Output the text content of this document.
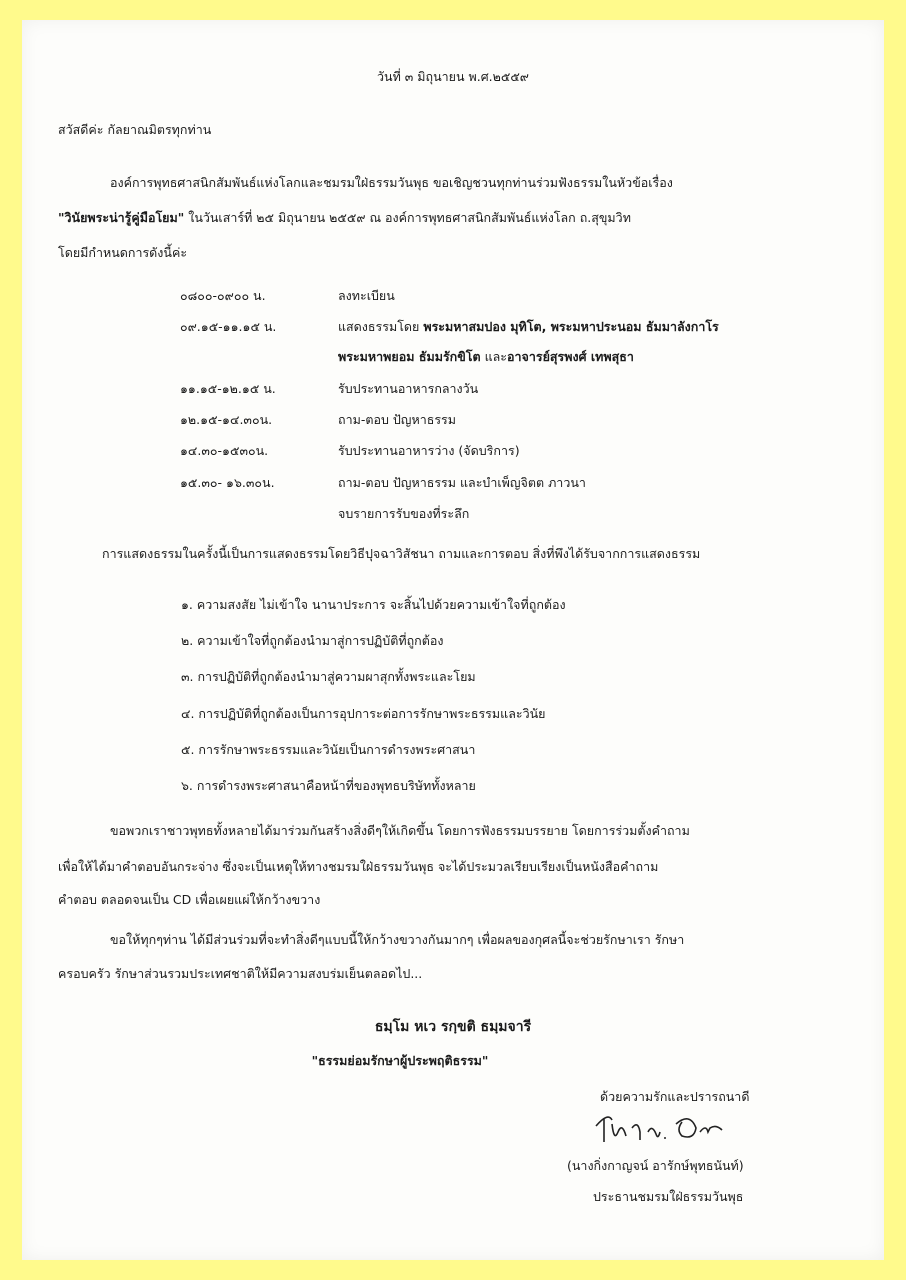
วันที่ ๓ มิถุนายน พ.ศ.๒๕๕๙
สวัสดีค่ะ กัลยาณมิตรทุกท่าน
องค์การพุทธศาสนิกสัมพันธ์แห่งโลกและชมรมใฝ่ธรรมวันพุธ ขอเชิญชวนทุกท่านร่วมฟังธรรมในหัวข้อเรื่อง
"วินัยพระน่ารู้คู่มือโยม" ในวันเสาร์ที่ ๒๕ มิถุนายน ๒๕๕๙ ณ องค์การพุทธศาสนิกสัมพันธ์แห่งโลก ถ.สุขุมวิท
โดยมีกำหนดการดังนี้ค่ะ
๐๘๐๐-๐๙๐๐ น.	ลงทะเบียน
๐๙.๑๕-๑๑.๑๕ น.	แสดงธรรมโดย พระมหาสมปอง มุทิโต, พระมหาประนอม ธัมมาลังกาโร
พระมหาพยอม ธัมมรักขิโต และอาจารย์สุรพงศ์ เทพสุธา
๑๑.๑๕-๑๒.๑๕ น.	รับประทานอาหารกลางวัน
๑๒.๑๕-๑๔.๓๐น.	ถาม-ตอบ ปัญหาธรรม
๑๔.๓๐-๑๕๓๐น.	รับประทานอาหารว่าง (จัดบริการ)
๑๕.๓๐- ๑๖.๓๐น.	ถาม-ตอบ ปัญหาธรรม และบำเพ็ญจิตต ภาวนา
จบรายการรับของที่ระลึก
การแสดงธรรมในครั้งนี้เป็นการแสดงธรรมโดยวิธีปุจฉาวิสัชนา ถามและการตอบ สิ่งที่พึงได้รับจากการแสดงธรรม
๑. ความสงสัย ไม่เข้าใจ นานาประการ จะสิ้นไปด้วยความเข้าใจที่ถูกต้อง
๒. ความเข้าใจที่ถูกต้องนำมาสู่การปฏิบัติที่ถูกต้อง
๓. การปฏิบัติที่ถูกต้องนำมาสู่ความผาสุกทั้งพระและโยม
๔. การปฏิบัติที่ถูกต้องเป็นการอุปการะต่อการรักษาพระธรรมและวินัย
๕. การรักษาพระธรรมและวินัยเป็นการดำรงพระศาสนา
๖. การดำรงพระศาสนาคือหน้าที่ของพุทธบริษัททั้งหลาย
ขอพวกเราชาวพุทธทั้งหลายได้มาร่วมกันสร้างสิ่งดีๆให้เกิดขึ้น โดยการฟังธรรมบรรยาย โดยการร่วมตั้งคำถาม
เพื่อให้ได้มาคำตอบอันกระจ่าง ซึ่งจะเป็นเหตุให้ทางชมรมใฝ่ธรรมวันพุธ จะได้ประมวลเรียบเรียงเป็นหนังสือคำถาม
คำตอบ ตลอดจนเป็น CD เพื่อเผยแผ่ให้กว้างขวาง
ขอให้ทุกๆท่าน ได้มีส่วนร่วมที่จะทำสิ่งดีๆแบบนี้ให้กว้างขวางกันมากๆ เพื่อผลของกุศลนี้จะช่วยรักษาเรา รักษา
ครอบครัว รักษาส่วนรวมประเทศชาติให้มีความสงบร่มเย็นตลอดไป...
ธมฺโม หเว รกฺขติ ธมฺมจารี
"ธรรมย่อมรักษาผู้ประพฤติธรรม"
ด้วยความรักและปรารถนาดี
(นางกิ่งกาญจน์ อารักษ์พุทธนันท์)
ประธานชมรมใฝ่ธรรมวันพุธ
